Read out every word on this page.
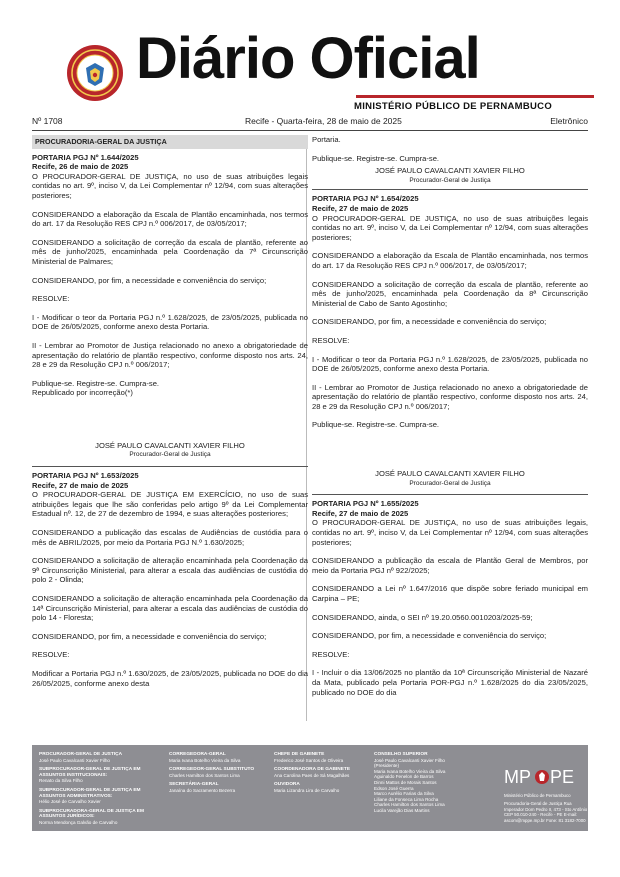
Diário Oficial
MINISTÉRIO PÚBLICO DE PERNAMBUCO
Nº 1708	Recife - Quarta-feira, 28 de maio de 2025	Eletrônico
PROCURADORIA-GERAL DA JUSTIÇA

PORTARIA PGJ Nº 1.644/2025

Recife, 26 de maio de 2025

O PROCURADOR-GERAL DE JUSTIÇA, no uso de suas atribuições legais contidas no art. 9º, inciso V, da Lei Complementar nº 12/94, com suas alterações posteriores;

CONSIDERANDO a elaboração da Escala de Plantão encaminhada, nos termos do art. 17 da Resolução RES CPJ n.º 006/2017, de 03/05/2017;

CONSIDERANDO a solicitação de correção da escala de plantão, referente ao mês de junho/2025, encaminhada pela Coordenação da 7ª Circunscrição Ministerial de Palmares;

CONSIDERANDO, por fim, a necessidade e conveniência do serviço;

RESOLVE:

I - Modificar o teor da Portaria PGJ n.º 1.628/2025, de 23/05/2025, publicada no DOE de 26/05/2025, conforme anexo desta Portaria.

II - Lembrar ao Promotor de Justiça relacionado no anexo a obrigatoriedade de apresentação do relatório de plantão respectivo, conforme disposto nos arts. 24, 28 e 29 da Resolução CPJ n.º 006/2017;

Publique-se. Registre-se. Cumpra-se.

Republicado por incorreção(*)

JOSÉ PAULO CAVALCANTI XAVIER FILHO

Procurador-Geral de Justiça

PORTARIA PGJ Nº 1.653/2025

Recife, 27 de maio de 2025

O PROCURADOR-GERAL DE JUSTIÇA EM EXERCÍCIO, no uso de suas atribuições legais que lhe são conferidas pelo artigo 9º da Lei Complementar Estadual nº. 12, de 27 de dezembro de 1994, e suas alterações posteriores;

CONSIDERANDO a publicação das escalas de Audiências de custódia para o mês de ABRIL/2025, por meio da Portaria PGJ N.º 1.630/2025;

CONSIDERANDO a solicitação de alteração encaminhada pela Coordenação da 9ª Circunscrição Ministerial, para alterar a escala das audiências de custódia do polo 2 - Olinda;

CONSIDERANDO a solicitação de alteração encaminhada pela Coordenação da 14ª Circunscrição Ministerial, para alterar a escala das audiências de custódia do polo 14 - Floresta;

CONSIDERANDO, por fim, a necessidade e conveniência do serviço;

RESOLVE:

Modificar a Portaria PGJ n.º 1.630/2025, de 23/05/2025, publicada no DOE do dia 26/05/2025, conforme anexo desta

Portaria.

Publique-se. Registre-se. Cumpra-se.

JOSÉ PAULO CAVALCANTI XAVIER FILHO

Procurador-Geral de Justiça

PORTARIA PGJ Nº 1.654/2025

Recife, 27 de maio de 2025

O PROCURADOR-GERAL DE JUSTIÇA, no uso de suas atribuições legais contidas no art. 9º, inciso V, da Lei Complementar nº 12/94, com suas alterações posteriores;

CONSIDERANDO a elaboração da Escala de Plantão encaminhada, nos termos do art. 17 da Resolução RES CPJ n.º 006/2017, de 03/05/2017;

CONSIDERANDO a solicitação de correção da escala de plantão, referente ao mês de junho/2025, encaminhada pela Coordenação da 8ª Circunscrição Ministerial de Cabo de Santo Agostinho;

CONSIDERANDO, por fim, a necessidade e conveniência do serviço;

RESOLVE:

I - Modificar o teor da Portaria PGJ n.º 1.628/2025, de 23/05/2025, publicada no DOE de 26/05/2025, conforme anexo desta Portaria.

II - Lembrar ao Promotor de Justiça relacionado no anexo a obrigatoriedade de apresentação do relatório de plantão respectivo, conforme disposto nos arts. 24, 28 e 29 da Resolução CPJ n.º 006/2017;

Publique-se. Registre-se. Cumpra-se.

JOSÉ PAULO CAVALCANTI XAVIER FILHO

Procurador-Geral de Justiça

PORTARIA PGJ Nº 1.655/2025

Recife, 27 de maio de 2025

O PROCURADOR-GERAL DE JUSTIÇA, no uso de suas atribuições legais, contidas no art. 9º, inciso V, da Lei Complementar nº 12/94, com suas alterações posteriores;

CONSIDERANDO a publicação da escala de Plantão Geral de Membros, por meio da Portaria PGJ nº 922/2025;

CONSIDERANDO a Lei nº 1.647/2016 que dispõe sobre feriado municipal em Carpina – PE;

CONSIDERANDO, ainda, o SEI nº 19.20.0560.0010203/2025-59;

CONSIDERANDO, por fim, a necessidade e conveniência do serviço;

RESOLVE:

I - Incluir o dia 13/06/2025 no plantão da 10ª Circunscrição Ministerial de Nazaré da Mata, publicado pela Portaria POR-PGJ n.º 1.628/2025 do dia 23/05/2025, publicado no DOE do dia

PROCURADOR-GERAL DE JUSTIÇA
José Paulo Cavalcanti Xavier Filho
SUBPROCURADOR-GERAL DE JUSTIÇA EM ASSUNTOS INSTITUCIONAIS:
Renato da Silva Filho
SUBPROCURADOR-GERAL DE JUSTIÇA EM ASSUNTOS ADMINISTRATIVOS:
Hélio José de Carvalho Xavier
SUBPROCURADORA-GERAL DE JUSTIÇA EM ASSUNTOS JURÍDICOS:
Norma Mendonça Galvão de Carvalho
CORREGEDORA-GERAL
Maria Ivana Botelho Vieira da Silva
CORREGEDOR-GERAL SUBSTITUTO
Charles Hamilton dos Santos Lima
SECRETÁRIA-GERAL
Janaína do Sacramento Bezerra
CHEFE DE GABINETE
Frederico José Santos de Oliveira
COORDENADORA DE GABINETE
Ana Carolina Paes de Sá Magalhães
OUVIDORA
Maria Lizandra Lira de Carvalho
CONSELHO SUPERIOR
José Paulo Cavalcanti Xavier Filho
(Presidente)
Maria Ivana Botelho Vieira da Silva
Aguinaldo Fenelon de Barros
Dinni Mattos de Morais Santos
Edson José Guerra
Marco Aurélio Farias da Silva
Liliane da Fonseca Lima Rocha
Charles Hamilton dos Santos Lima
Lucila Varejão Dias Martins
MP PE
Ministério Público de Pernambuco
Procuradoria-Geral de Justiça Rua Imperador Dom Pedro II, 473 - Sto Antônio CEP 50.010-240 - Recife - PE E-mail: ascom@mppe.mp.br Fone: 81 3182-7000
